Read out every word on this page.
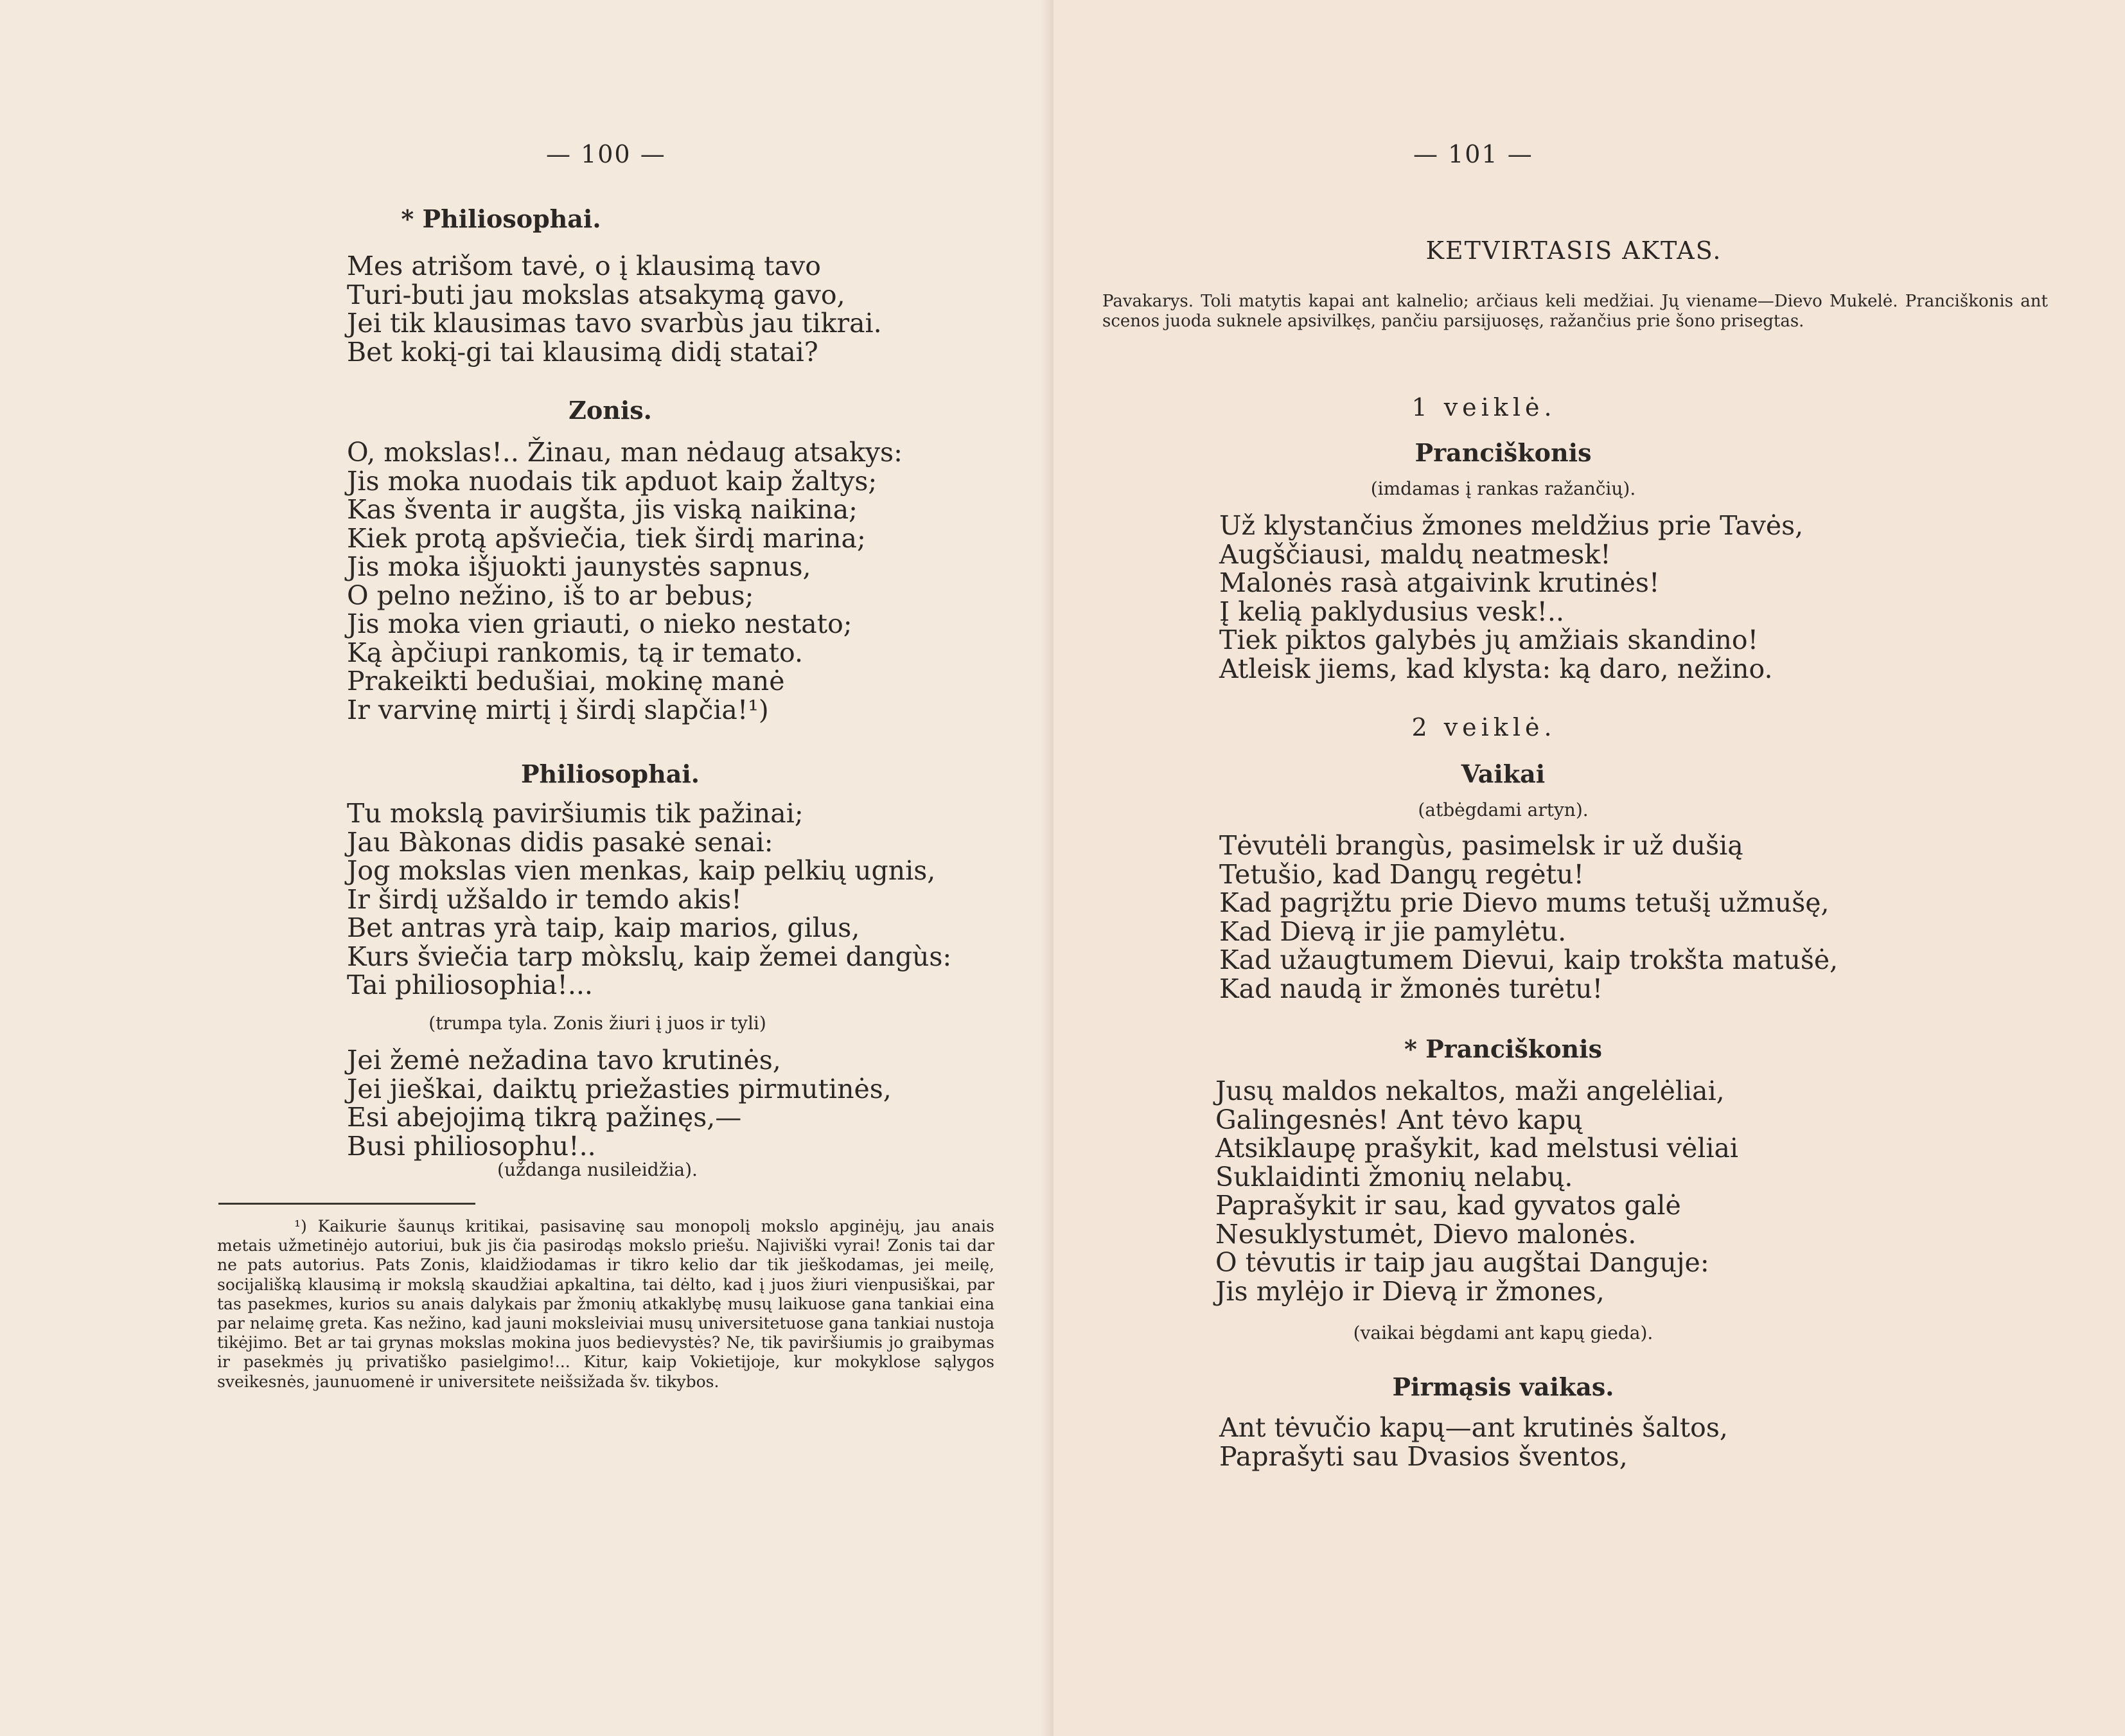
— 100 —
* Philiosophai.
Mes atrišom tavė, o į klausimą tavo
Turi-buti jau mokslas atsakymą gavo,
Jei tik klausimas tavo svarbùs jau tikrai.
Bet kokį-gi tai klausimą didį statai?
Zonis.
O, mokslas!.. Žinau, man nėdaug atsakys:
Jis moka nuodais tik apduot kaip žaltys;
Kas šventa ir augšta, jis viską naikina;
Kiek protą apšviečia, tiek širdį marina;
Jis moka išjuokti jaunystės sapnus,
O pelno nežino, iš to ar bebus;
Jis moka vien griauti, o nieko nestato;
Ką àpčiupi rankomis, tą ir temato.
Prakeikti bedušiai, mokinę manė
Ir varvinę mirtį į širdį slapčia!¹)
Philiosophai.
Tu mokslą paviršiumis tik pažinai;
Jau Bàkonas didis pasakė senai:
Jog mokslas vien menkas, kaip pelkių ugnis,
Ir širdį užšaldo ir temdo akis!
Bet antras yrà taip, kaip marios, gilus,
Kurs šviečia tarp mòkslų, kaip žemei dangùs:
Tai philiosophia!...
(trumpa tyla. Zonis žiuri į juos ir tyli)
Jei žemė nežadina tavo krutinės,
Jei jieškai, daiktų priežasties pirmutinės,
Esi abejojimą tikrą pažinęs,—
Busi philiosophu!..
(uždanga nusileidžia).
¹) Kaikurie šaunųs kritikai, pasisavinę sau monopolį mokslo apginėjų, jau anais metais užmetinėjo autoriui, buk jis čia pasirodąs mokslo priešu. Najiviški vyrai! Zonis tai dar ne pats autorius. Pats Zonis, klaidžiodamas ir tikro kelio dar tik jieškodamas, jei meilę, socijališką klausimą ir mokslą skaudžiai apkaltina, tai dėlto, kad į juos žiuri vienpusiškai, par tas pasekmes, kurios su anais dalykais par žmonių atkaklybę musų laikuose gana tankiai eina par nelaimę greta. Kas nežino, kad jauni moksleiviai musų universitetuose gana tankiai nustoja tikėjimo. Bet ar tai grynas mokslas mokina juos bedievystės? Ne, tik paviršiumis jo graibymas ir pasekmės jų privatiško pasielgimo!... Kitur, kaip Vokietijoje, kur mokyklose sąlygos sveikesnės, jaunuomenė ir universitete neišsižada šv. tikybos.
— 101 —
KETVIRTASIS AKTAS.
Pavakarys. Toli matytis kapai ant kalnelio; arčiaus keli medžiai. Jų viename—Dievo Mukelė. Pranciškonis ant scenos juoda suknele apsivilkęs, pančiu parsijuosęs, ražančius prie šono prisegtas.
1 veiklė.
Pranciškonis
(imdamas į rankas ražančių).
Už klystančius žmones meldžius prie Tavės,
Augščiausi, maldų neatmesk!
Malonės rasà atgaivink krutinės!
Į kelią paklydusius vesk!..
Tiek piktos galybės jų amžiais skandino!
Atleisk jiems, kad klysta: ką daro, nežino.
2 veiklė.
Vaikai
(atbėgdami artyn).
Tėvutėli brangùs, pasimelsk ir už dušią
Tetušio, kad Dangų regėtu!
Kad pagrįžtu prie Dievo mums tetušį užmušę,
Kad Dievą ir jie pamylėtu.
Kad užaugtumem Dievui, kaip trokšta matušė,
Kad naudą ir žmonės turėtu!
* Pranciškonis
Jusų maldos nekaltos, maži angelėliai,
Galingesnės! Ant tėvo kapų
Atsiklaupę prašykit, kad melstusi vėliai
Suklaidinti žmonių nelabų.
Paprašykit ir sau, kad gyvatos galė
Nesuklystumėt, Dievo malonės.
O tėvutis ir taip jau augštai Danguje:
Jis mylėjo ir Dievą ir žmones,
(vaikai bėgdami ant kapų gieda).
Pirmąsis vaikas.
Ant tėvučio kapų—ant krutinės šaltos,
Paprašyti sau Dvasios šventos,
